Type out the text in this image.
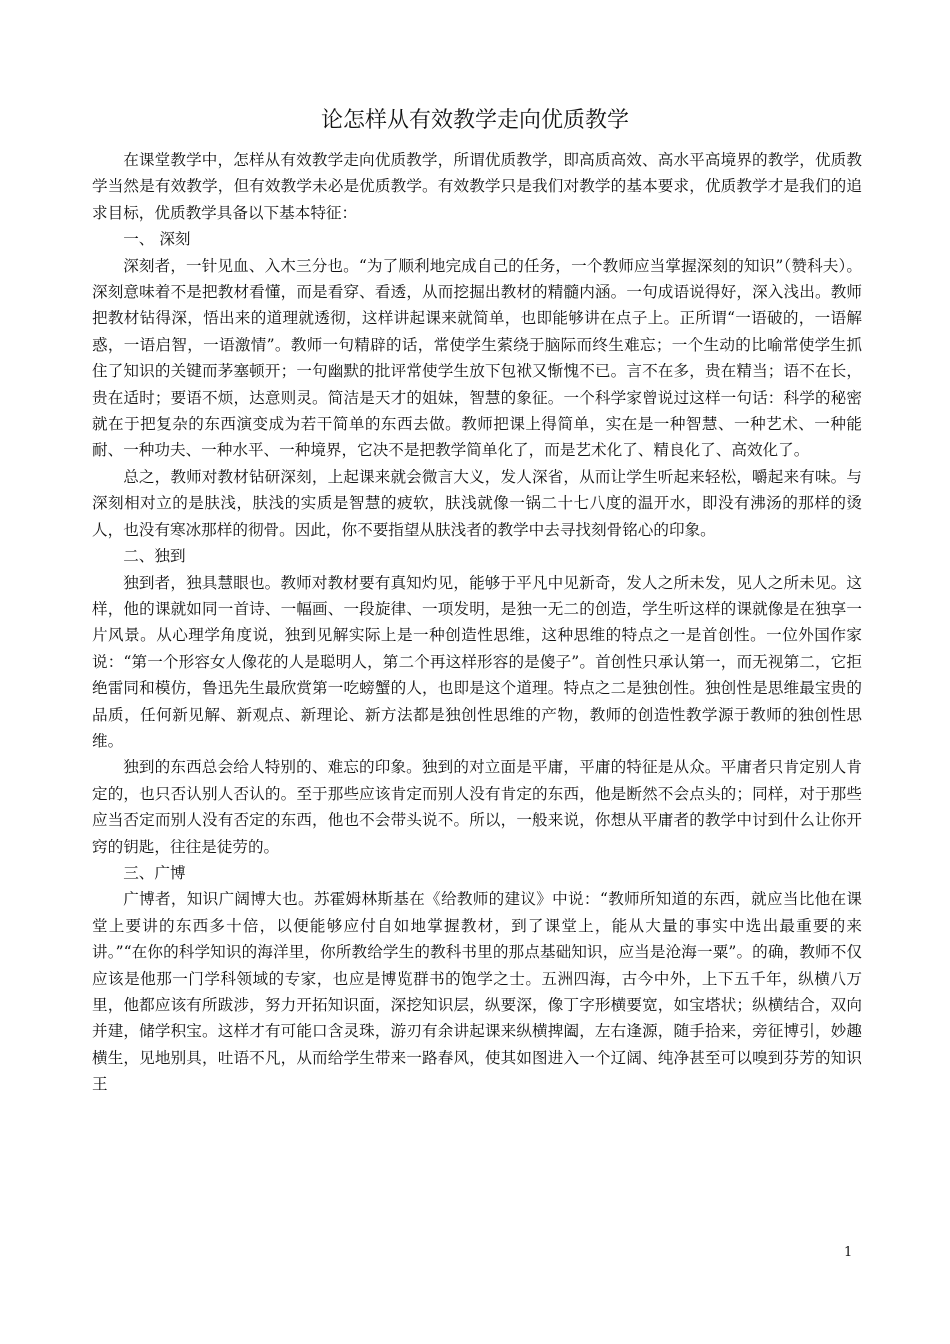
论怎样从有效教学走向优质教学

在课堂教学中，怎样从有效教学走向优质教学，所谓优质教学，即高质高效、高水平高境界的教学，优质教学当然是有效教学，但有效教学未必是优质教学。有效教学只是我们对教学的基本要求，优质教学才是我们的追求目标，优质教学具备以下基本特征：

一、 深刻

深刻者，一针见血、入木三分也。“为了顺利地完成自己的任务，一个教师应当掌握深刻的知识”（赞科夫）。深刻意味着不是把教材看懂，而是看穿、看透，从而挖掘出教材的精髓内涵。一句成语说得好，深入浅出。教师把教材钻得深，悟出来的道理就透彻，这样讲起课来就简单，也即能够讲在点子上。正所谓“一语破的，一语解惑，一语启智，一语激情”。教师一句精辟的话，常使学生萦绕于脑际而终生难忘；一个生动的比喻常使学生抓住了知识的关键而茅塞顿开；一句幽默的批评常使学生放下包袱又惭愧不已。言不在多，贵在精当；语不在长，贵在适时；要语不烦，达意则灵。简洁是天才的姐妹，智慧的象征。一个科学家曾说过这样一句话：科学的秘密就在于把复杂的东西演变成为若干简单的东西去做。教师把课上得简单，实在是一种智慧、一种艺术、一种能耐、一种功夫、一种水平、一种境界，它决不是把教学简单化了，而是艺术化了、精良化了、高效化了。

总之，教师对教材钻研深刻，上起课来就会微言大义，发人深省，从而让学生听起来轻松，嚼起来有味。与深刻相对立的是肤浅，肤浅的实质是智慧的疲软，肤浅就像一锅二十七八度的温开水，即没有沸汤的那样的烫人，也没有寒冰那样的彻骨。因此，你不要指望从肤浅者的教学中去寻找刻骨铭心的印象。

二、独到

独到者，独具慧眼也。教师对教材要有真知灼见，能够于平凡中见新奇，发人之所未发，见人之所未见。这样，他的课就如同一首诗、一幅画、一段旋律、一项发明，是独一无二的创造，学生听这样的课就像是在独享一片风景。从心理学角度说，独到见解实际上是一种创造性思维，这种思维的特点之一是首创性。一位外国作家说：“第一个形容女人像花的人是聪明人，第二个再这样形容的是傻子”。首创性只承认第一，而无视第二，它拒绝雷同和模仿，鲁迅先生最欣赏第一吃螃蟹的人，也即是这个道理。特点之二是独创性。独创性是思维最宝贵的品质，任何新见解、新观点、新理论、新方法都是独创性思维的产物，教师的创造性教学源于教师的独创性思维。

独到的东西总会给人特别的、难忘的印象。独到的对立面是平庸，平庸的特征是从众。平庸者只肯定别人肯定的，也只否认别人否认的。至于那些应该肯定而别人没有肯定的东西，他是断然不会点头的；同样，对于那些应当否定而别人没有否定的东西，他也不会带头说不。所以，一般来说，你想从平庸者的教学中讨到什么让你开窍的钥匙，往往是徒劳的。

三、广博

广博者，知识广阔博大也。苏霍姆林斯基在《给教师的建议》中说：“教师所知道的东西，就应当比他在课堂上要讲的东西多十倍，以便能够应付自如地掌握教材，到了课堂上，能从大量的事实中选出最重要的来讲。”“在你的科学知识的海洋里，你所教给学生的教科书里的那点基础知识，应当是沧海一粟”。的确，教师不仅应该是他那一门学科领域的专家，也应是博览群书的饱学之士。五洲四海，古今中外，上下五千年，纵横八万里，他都应该有所跋涉，努力开拓知识面，深挖知识层，纵要深，像丁字形横要宽，如宝塔状；纵横结合，双向并建，储学积宝。这样才有可能口含灵珠，游刃有余讲起课来纵横捭阖，左右逢源，随手拾来，旁征博引，妙趣横生，见地别具，吐语不凡，从而给学生带来一路春风，使其如图进入一个辽阔、纯净甚至可以嗅到芬芳的知识王

1
